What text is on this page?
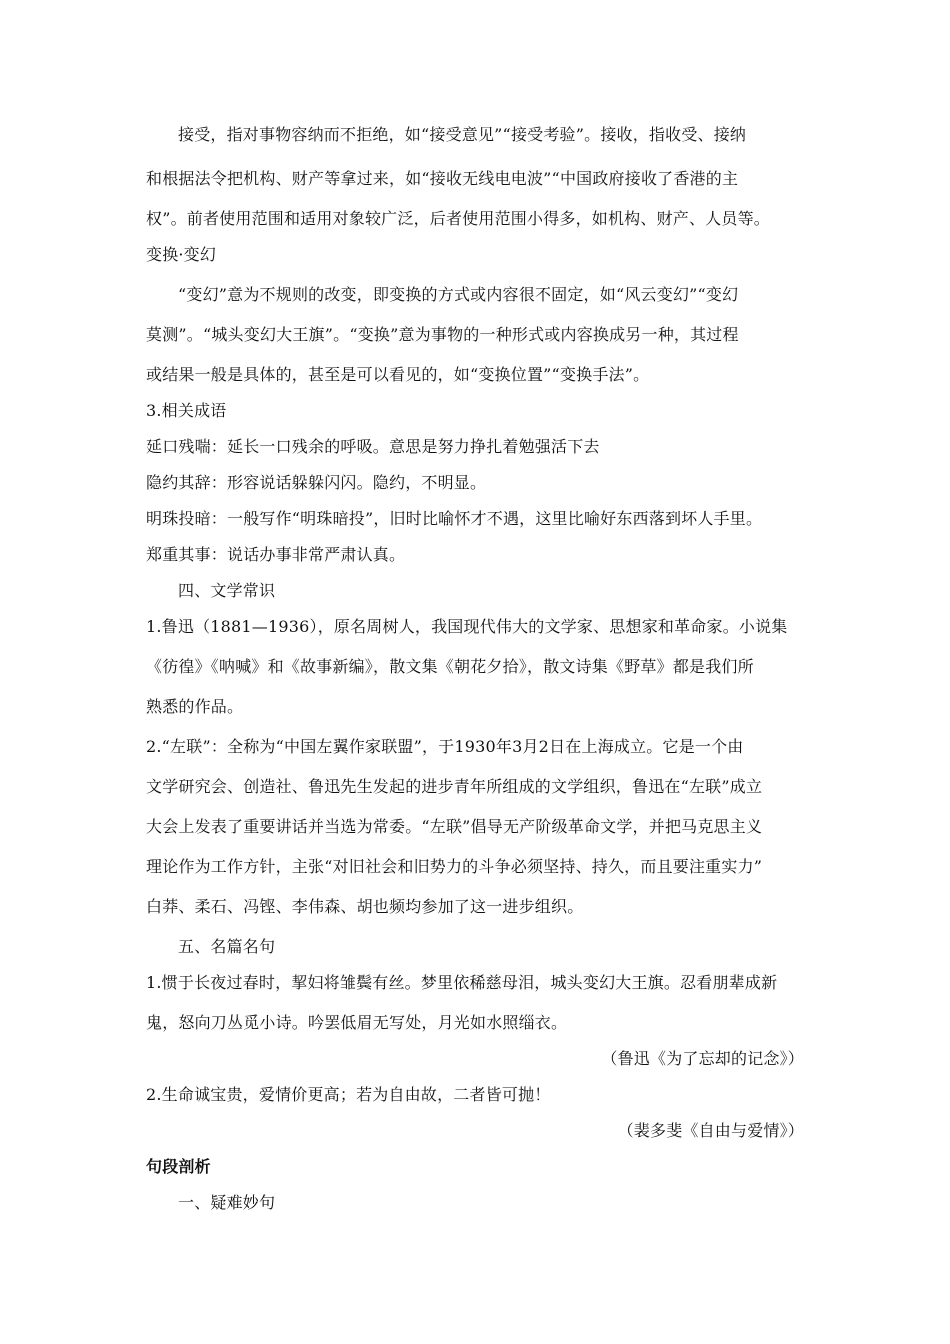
接受，指对事物容纳而不拒绝，如“接受意见”“接受考验”。接收，指收受、接纳
和根据法令把机构、财产等拿过来，如“接收无线电电波”“中国政府接收了香港的主
权”。前者使用范围和适用对象较广泛，后者使用范围小得多，如机构、财产、人员等。
变换·变幻
“变幻”意为不规则的改变，即变换的方式或内容很不固定，如“风云变幻”“变幻
莫测”。“城头变幻大王旗”。“变换”意为事物的一种形式或内容换成另一种，其过程
或结果一般是具体的，甚至是可以看见的，如“变换位置”“变换手法”。
3.相关成语
延口残喘：延长一口残余的呼吸。意思是努力挣扎着勉强活下去
隐约其辞：形容说话躲躲闪闪。隐约，不明显。
明珠投暗：一般写作“明珠暗投”，旧时比喻怀才不遇，这里比喻好东西落到坏人手里。
郑重其事：说话办事非常严肃认真。
四、文学常识
1.鲁迅（1881—1936），原名周树人，我国现代伟大的文学家、思想家和革命家。小说集
《彷徨》《呐喊》和《故事新编》，散文集《朝花夕拾》，散文诗集《野草》都是我们所
熟悉的作品。
2.“左联”：全称为“中国左翼作家联盟”，于1930年3月2日在上海成立。它是一个由
文学研究会、创造社、鲁迅先生发起的进步青年所组成的文学组织，鲁迅在“左联”成立
大会上发表了重要讲话并当选为常委。“左联”倡导无产阶级革命文学，并把马克思主义
理论作为工作方针，主张“对旧社会和旧势力的斗争必须坚持、持久，而且要注重实力”
白莽、柔石、冯铿、李伟森、胡也频均参加了这一进步组织。
五、名篇名句
1.惯于长夜过春时，挈妇将雏鬓有丝。梦里依稀慈母泪，城头变幻大王旗。忍看朋辈成新
鬼，怒向刀丛觅小诗。吟罢低眉无写处，月光如水照缁衣。
（鲁迅《为了忘却的记念》）
2.生命诚宝贵，爱情价更高；若为自由故，二者皆可抛！
（裴多斐《自由与爱情》）
句段剖析
一、疑难妙句
